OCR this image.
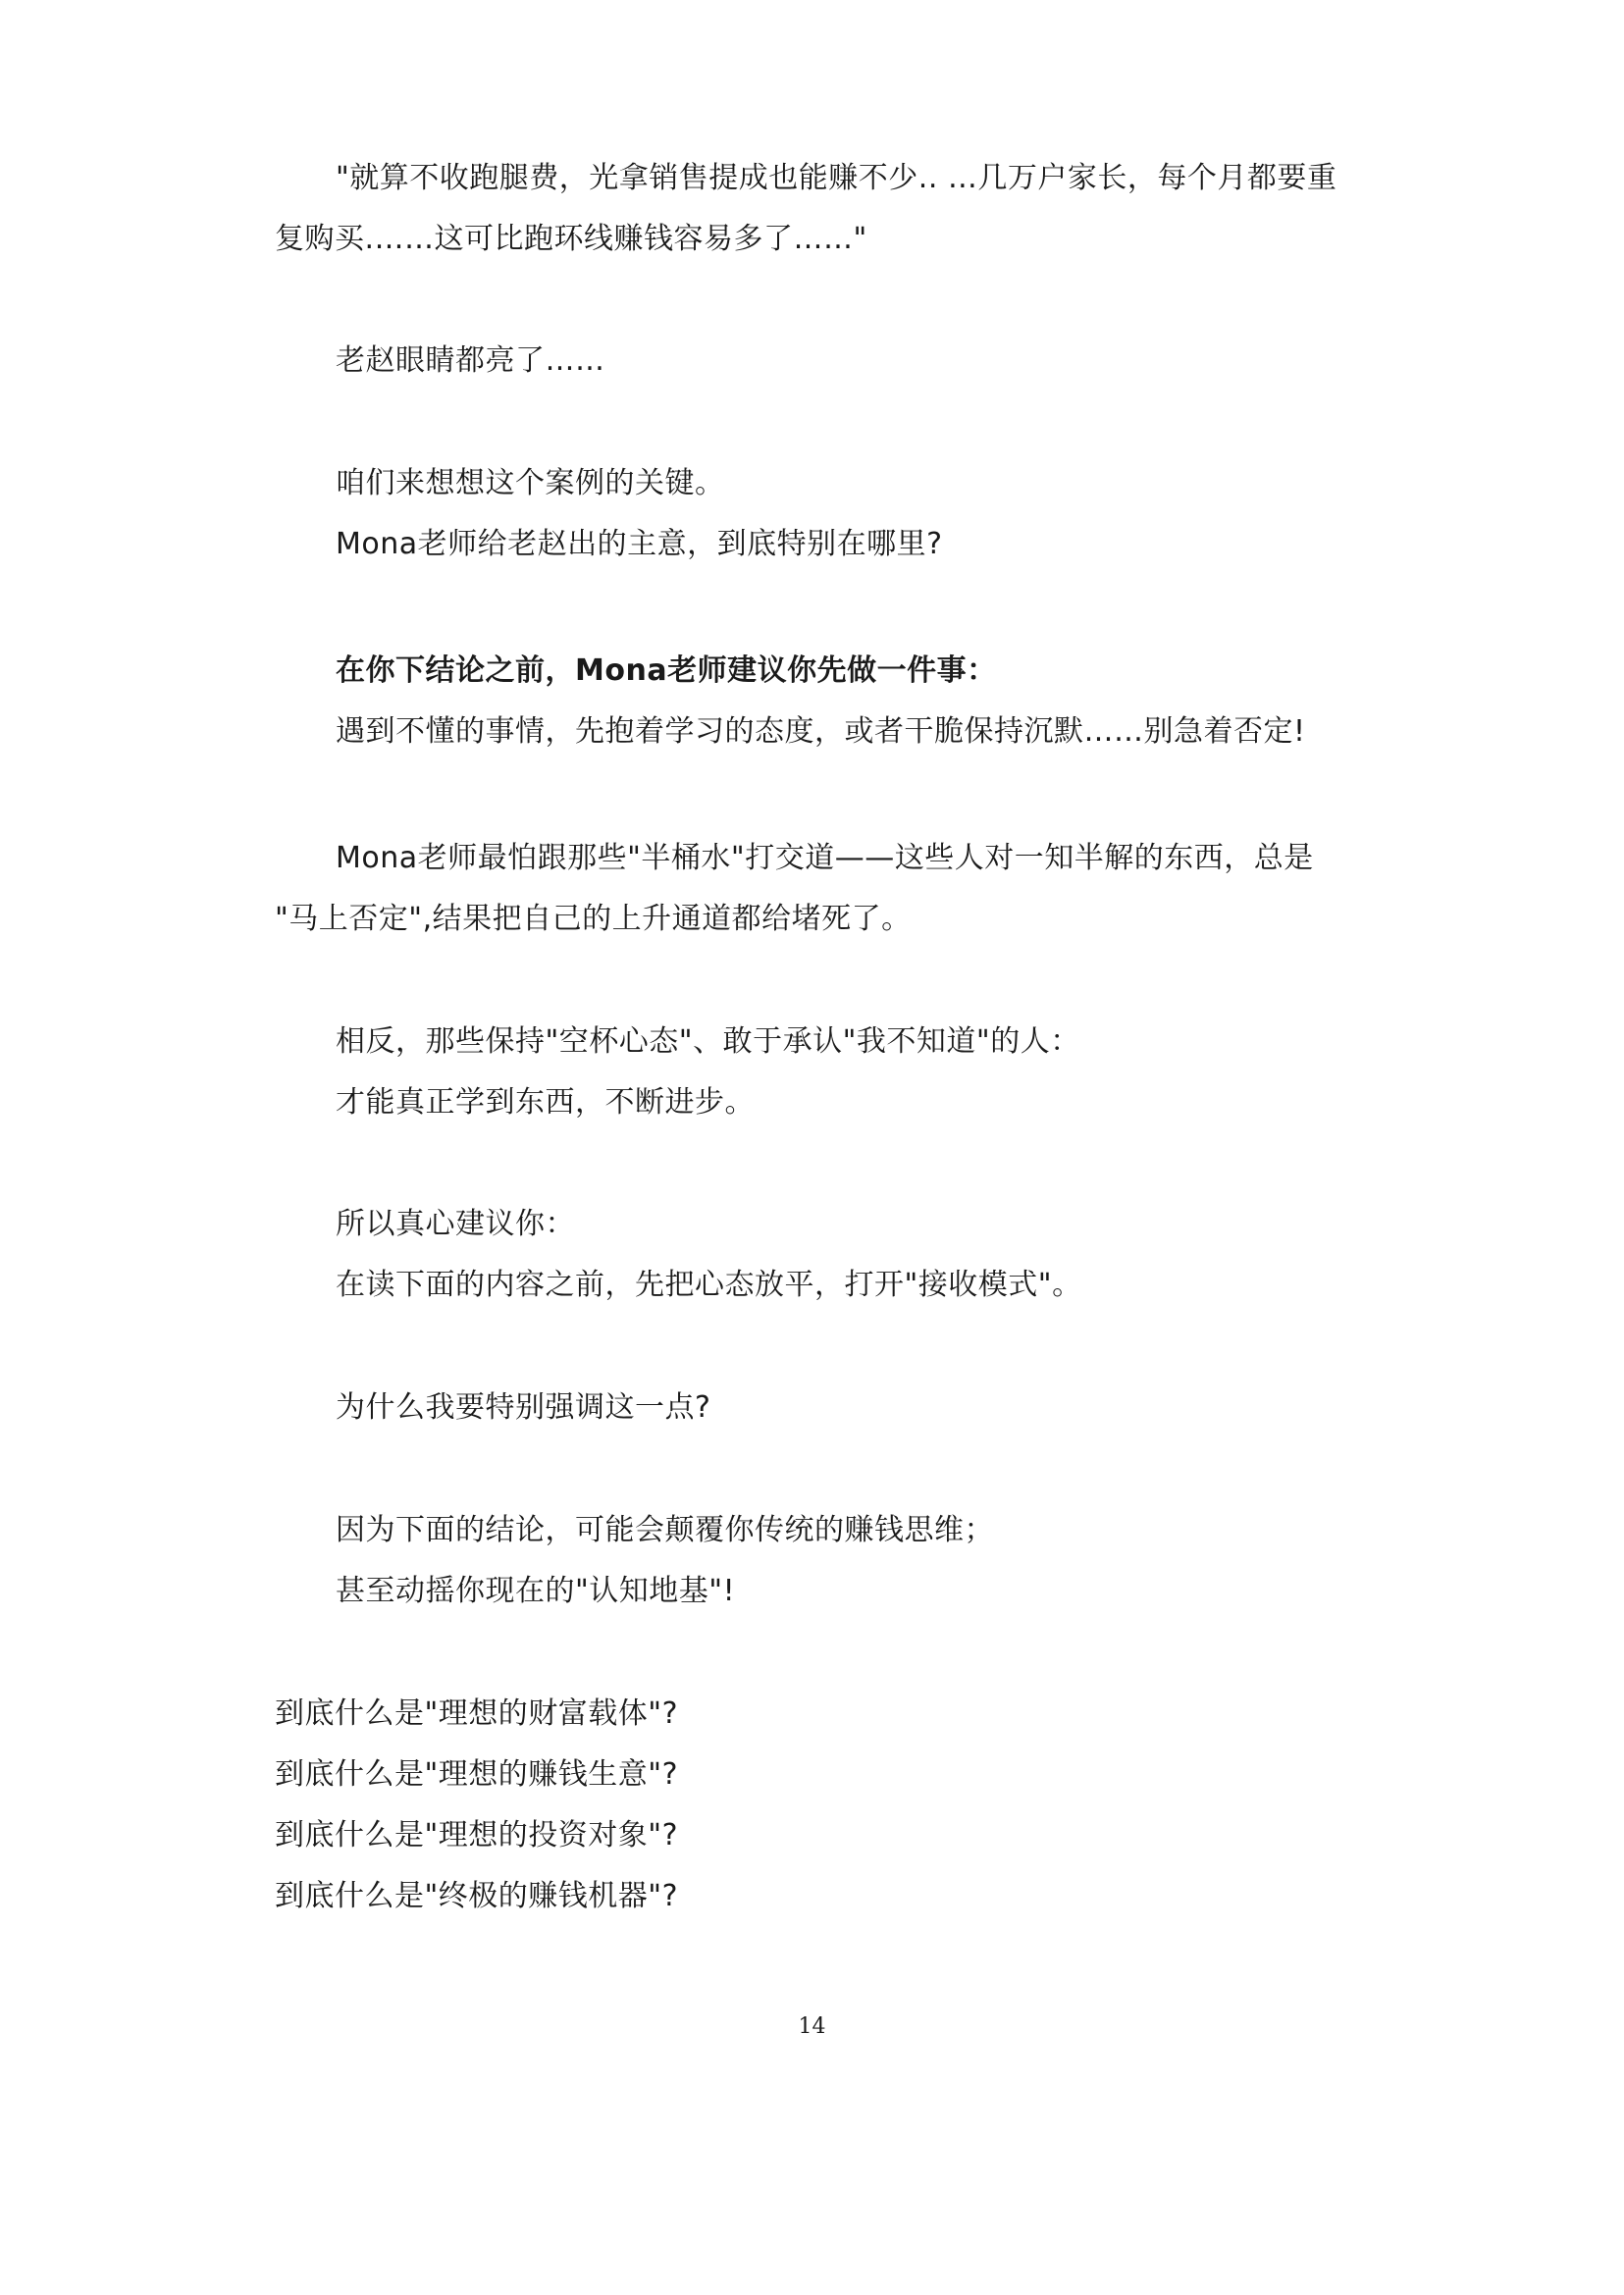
"就算不收跑腿费，光拿销售提成也能赚不少.. …几万户家长，每个月都要重
复购买.……这可比跑环线赚钱容易多了……"
老赵眼睛都亮了……
咱们来想想这个案例的关键。
Mona老师给老赵出的主意，到底特别在哪里?
在你下结论之前，Mona老师建议你先做一件事：
遇到不懂的事情，先抱着学习的态度，或者干脆保持沉默……别急着否定!
Mona老师最怕跟那些"半桶水"打交道——这些人对一知半解的东西，总是
"马上否定",结果把自己的上升通道都给堵死了。
相反，那些保持"空杯心态"、敢于承认"我不知道"的人：
才能真正学到东西，不断进步。
所以真心建议你：
在读下面的内容之前，先把心态放平，打开"接收模式"。
为什么我要特别强调这一点?
因为下面的结论，可能会颠覆你传统的赚钱思维；
甚至动摇你现在的"认知地基"!
到底什么是"理想的财富载体"?
到底什么是"理想的赚钱生意"?
到底什么是"理想的投资对象"?
到底什么是"终极的赚钱机器"?
14
